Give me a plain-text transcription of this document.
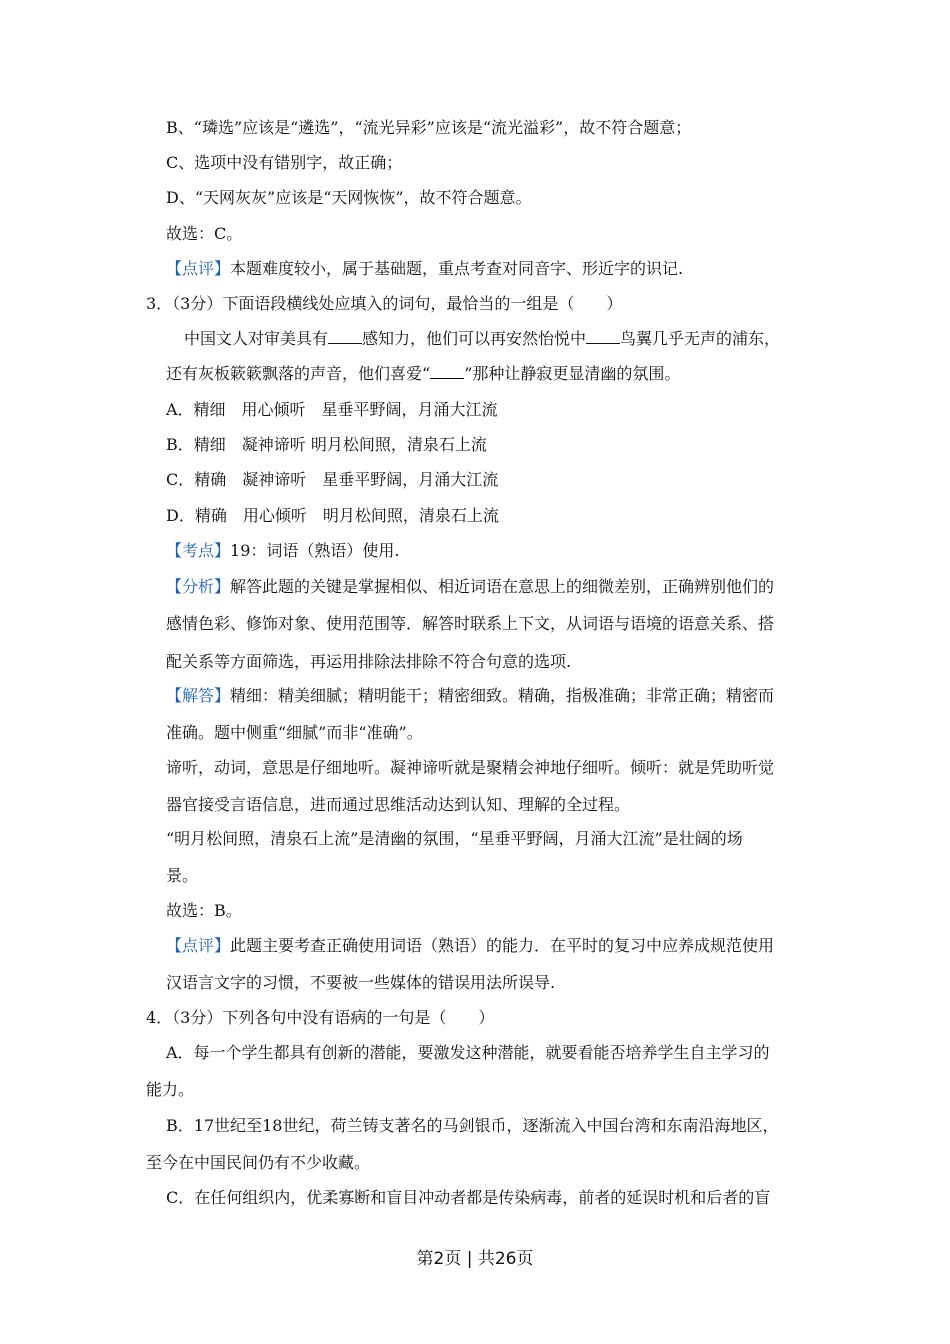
B、“璘选”应该是“遴选”，“流光异彩”应该是“流光溢彩”，故不符合题意；
C、选项中没有错别字，故正确；
D、“天网灰灰”应该是“天网恢恢”，故不符合题意。
故选：C。
【点评】本题难度较小，属于基础题，重点考查对同音字、形近字的识记.
3．（3分）下面语段横线处应填入的词句，最恰当的一组是（　　）
中国文人对审美具有 感知力，他们可以再安然怡悦中 鸟翼几乎无声的浦东，
还有灰板簌簌飘落的声音，他们喜爱“ ”那种让静寂更显清幽的氛围。
A．精细　用心倾听　星垂平野阔，月涌大江流
B．精细　凝神谛听 明月松间照，清泉石上流
C．精确　凝神谛听　星垂平野阔，月涌大江流
D．精确　用心倾听　明月松间照，清泉石上流
【考点】19：词语（熟语）使用.
【分析】解答此题的关键是掌握相似、相近词语在意思上的细微差别，正确辨别他们的
感情色彩、修饰对象、使用范围等．解答时联系上下文，从词语与语境的语意关系、搭
配关系等方面筛选，再运用排除法排除不符合句意的选项.
【解答】精细：精美细腻；精明能干；精密细致。精确，指极准确；非常正确；精密而
准确。题中侧重“细腻”而非“准确”。
谛听，动词，意思是仔细地听。凝神谛听就是聚精会神地仔细听。倾听：就是凭助听觉
器官接受言语信息，进而通过思维活动达到认知、理解的全过程。
“明月松间照，清泉石上流”是清幽的氛围，“星垂平野阔，月涌大江流”是壮阔的场
景。
故选：B。
【点评】此题主要考查正确使用词语（熟语）的能力．在平时的复习中应养成规范使用
汉语言文字的习惯，不要被一些媒体的错误用法所误导.
4．（3分）下列各句中没有语病的一句是（　　）
A．每一个学生都具有创新的潜能，要激发这种潜能，就要看能否培养学生自主学习的
能力。
B．17世纪至18世纪，荷兰铸支著名的马剑银币，逐渐流入中国台湾和东南沿海地区，
至今在中国民间仍有不少收藏。
C．在任何组织内，优柔寡断和盲目冲动者都是传染病毒，前者的延误时机和后者的盲
第2页 | 共26页
